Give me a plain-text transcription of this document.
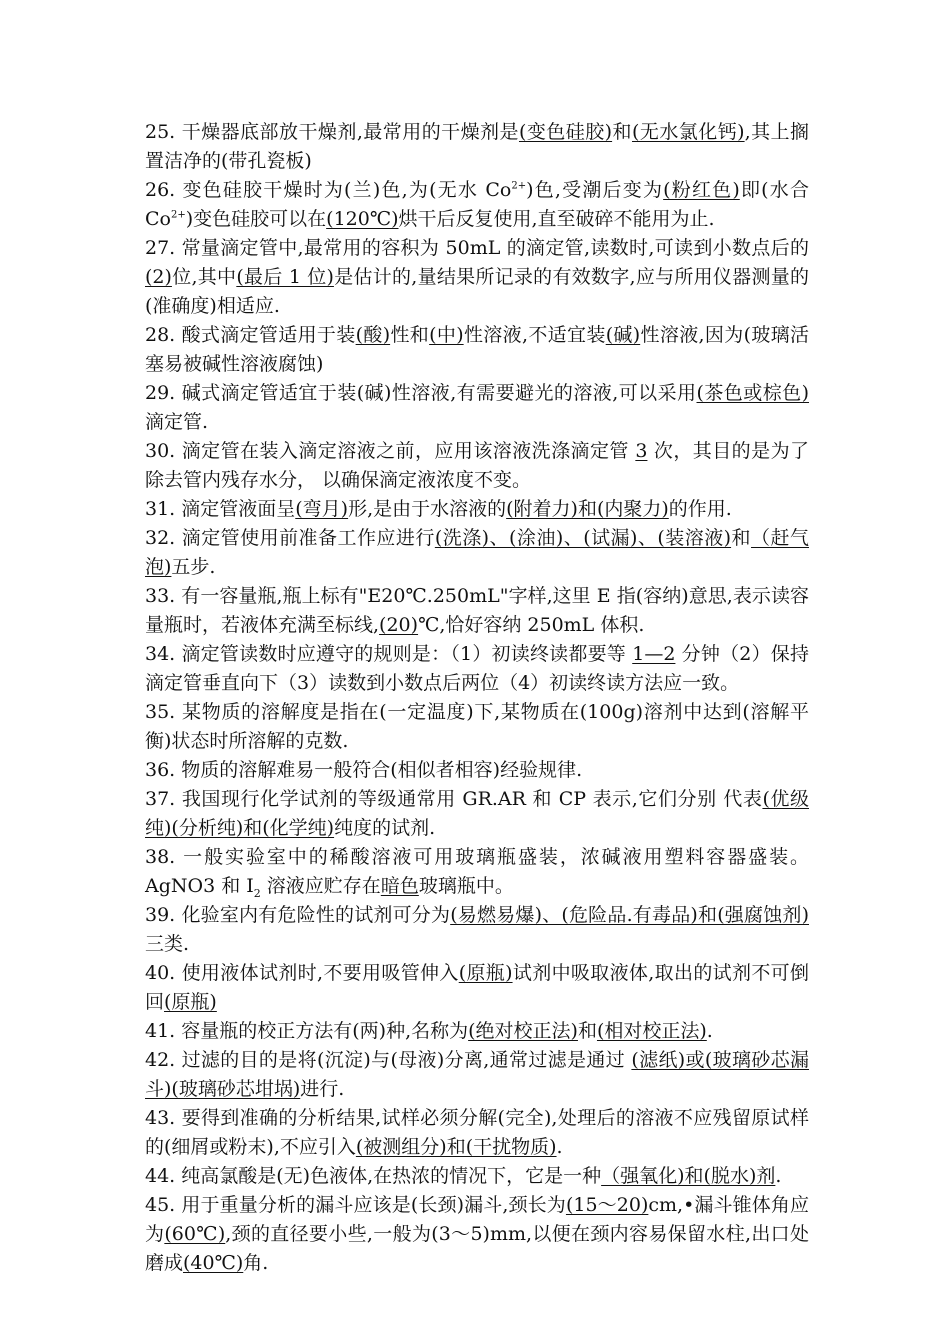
25. 干燥器底部放干燥剂,最常用的干燥剂是(变色硅胶)和(无水氯化钙),其上搁置洁净的(带孔瓷板)

26. 变色硅胶干燥时为(兰)色,为(无水 $Co^{2+}$)色,受潮后变为(粉红色)即(水合 $Co^{2+}$)变色硅胶可以在(120℃)烘干后反复使用,直至破碎不能用为止.

27. 常量滴定管中,最常用的容积为 50mL 的滴定管,读数时,可读到小数点后的(2)位,其中(最后 1 位)是估计的,量结果所记录的有效数字,应与所用仪器测量的(准确度)相适应.

28. 酸式滴定管适用于装(酸)性和(中)性溶液,不适宜装(碱)性溶液,因为(玻璃活塞易被碱性溶液腐蚀)

29. 碱式滴定管适宜于装(碱)性溶液,有需要避光的溶液,可以采用(茶色或棕色)滴定管.

30. 滴定管在装入滴定溶液之前，应用该溶液洗涤滴定管 3 次，其目的是为了除去管内残存水分， 以确保滴定液浓度不变。

31. 滴定管液面呈(弯月)形,是由于水溶液的(附着力)和(内聚力)的作用.

32. 滴定管使用前准备工作应进行(洗涤)、(涂油)、(试漏)、(装溶液)和（赶气泡)五步.

33. 有一容量瓶,瓶上标有"E20℃.250mL"字样,这里 E 指(容纳)意思,表示读容量瓶时，若液体充满至标线,(20)℃,恰好容纳 250mL 体积.

34. 滴定管读数时应遵守的规则是：（1）初读终读都要等 1—2 分钟（2）保持滴定管垂直向下（3）读数到小数点后两位（4）初读终读方法应一致。

35. 某物质的溶解度是指在(一定温度)下,某物质在(100g)溶剂中达到(溶解平衡)状态时所溶解的克数.

36. 物质的溶解难易一般符合(相似者相容)经验规律.

37. 我国现行化学试剂的等级通常用 GR.AR 和 CP 表示,它们分别 代表(优级纯)(分析纯)和(化学纯)纯度的试剂.

38. 一般实验室中的稀酸溶液可用玻璃瓶盛装，浓碱液用塑料容器盛装。AgNO3 和 $I_2$ 溶液应贮存在暗色玻璃瓶中。

39. 化验室内有危险性的试剂可分为(易燃易爆)、(危险品.有毒品)和(强腐蚀剂)三类.

40. 使用液体试剂时,不要用吸管伸入(原瓶)试剂中吸取液体,取出的试剂不可倒回(原瓶)

41. 容量瓶的校正方法有(两)种,名称为(绝对校正法)和(相对校正法).

42. 过滤的目的是将(沉淀)与(母液)分离,通常过滤是通过 (滤纸)或(玻璃砂芯漏斗)(玻璃砂芯坩埚)进行.

43. 要得到准确的分析结果,试样必须分解(完全),处理后的溶液不应残留原试样的(细屑或粉末),不应引入(被测组分)和(干扰物质).

44. 纯高氯酸是(无)色液体,在热浓的情况下，它是一种（强氧化)和(脱水)剂.

45. 用于重量分析的漏斗应该是(长颈)漏斗,颈长为(15～20)cm,•漏斗锥体角应为(60℃),颈的直径要小些,一般为(3～5)mm,以便在颈内容易保留水柱,出口处磨成(40℃)角.
